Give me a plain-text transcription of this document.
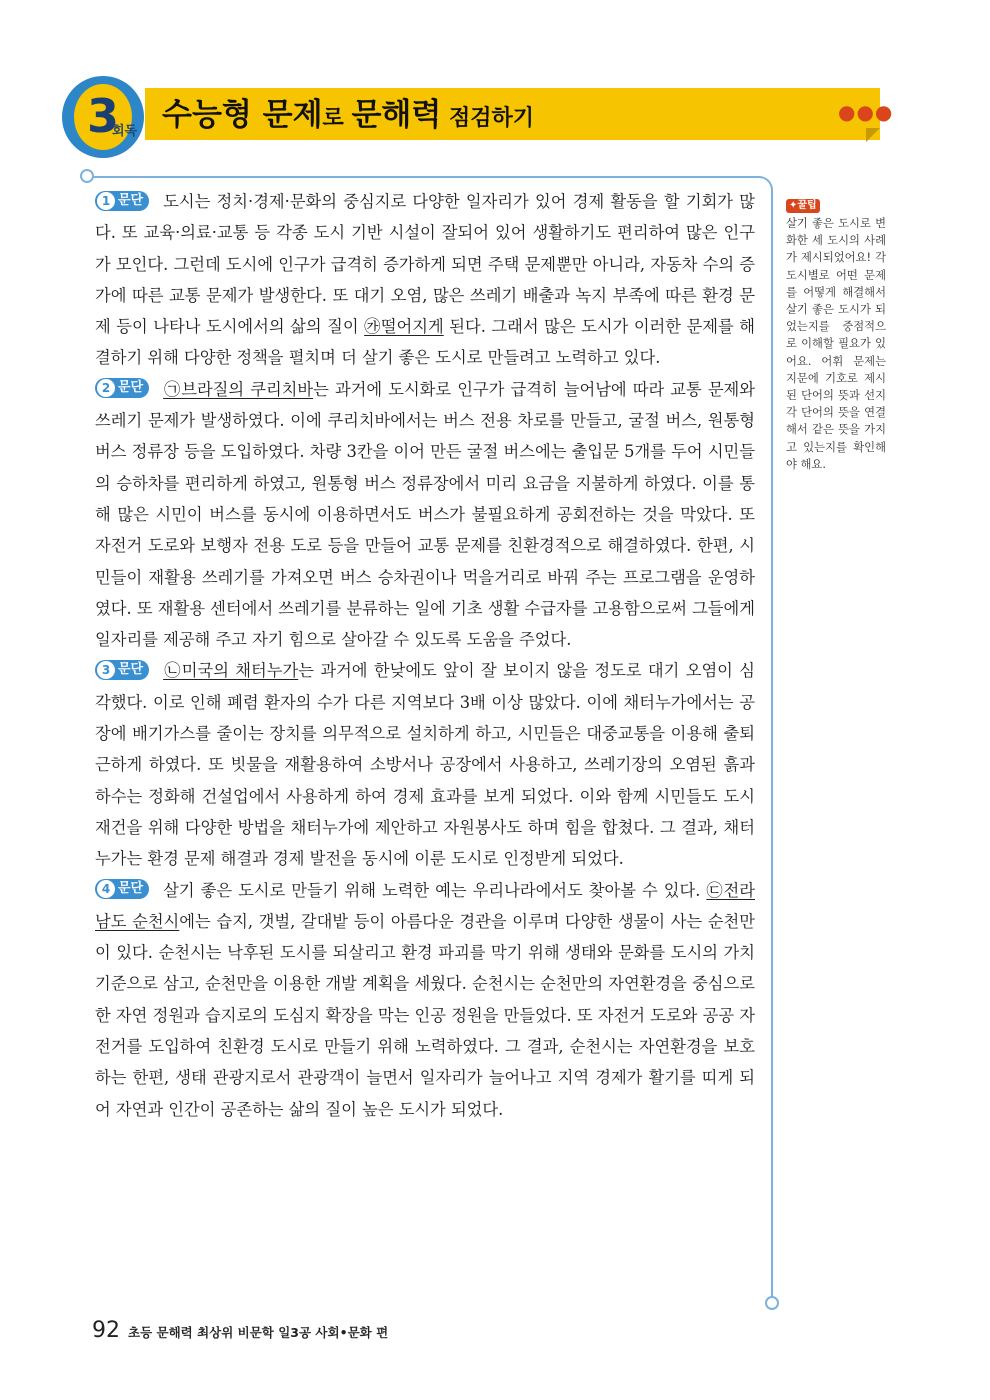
3
회독 수능형 문제로 문해력 점검하기	●●●

1 문단 도시는 정치·경제·문화의 중심지로 다양한 일자리가 있어 경제 활동을 할 기회가 많다. 또 교육·의료·교통 등 각종 도시 기반 시설이 잘되어 있어 생활하기도 편리하여 많은 인구가 모인다. 그런데 도시에 인구가 급격히 증가하게 되면 주택 문제뿐만 아니라, 자동차 수의 증가에 따른 교통 문제가 발생한다. 또 대기 오염, 많은 쓰레기 배출과 녹지 부족에 따른 환경 문제 등이 나타나 도시에서의 삶의 질이 ㉮떨어지게 된다. 그래서 많은 도시가 이러한 문제를 해결하기 위해 다양한 정책을 펼치며 더 살기 좋은 도시로 만들려고 노력하고 있다.

2 문단 ㉠브라질의 쿠리치바는 과거에 도시화로 인구가 급격히 늘어남에 따라 교통 문제와 쓰레기 문제가 발생하였다. 이에 쿠리치바에서는 버스 전용 차로를 만들고, 굴절 버스, 원통형 버스 정류장 등을 도입하였다. 차량 3칸을 이어 만든 굴절 버스에는 출입문 5개를 두어 시민들의 승하차를 편리하게 하였고, 원통형 버스 정류장에서 미리 요금을 지불하게 하였다. 이를 통해 많은 시민이 버스를 동시에 이용하면서도 버스가 불필요하게 공회전하는 것을 막았다. 또 자전거 도로와 보행자 전용 도로 등을 만들어 교통 문제를 친환경적으로 해결하였다. 한편, 시민들이 재활용 쓰레기를 가져오면 버스 승차권이나 먹을거리로 바꿔 주는 프로그램을 운영하였다. 또 재활용 센터에서 쓰레기를 분류하는 일에 기초 생활 수급자를 고용함으로써 그들에게 일자리를 제공해 주고 자기 힘으로 살아갈 수 있도록 도움을 주었다.

3 문단 ㉡미국의 채터누가는 과거에 한낮에도 앞이 잘 보이지 않을 정도로 대기 오염이 심각했다. 이로 인해 폐렴 환자의 수가 다른 지역보다 3배 이상 많았다. 이에 채터누가에서는 공장에 배기가스를 줄이는 장치를 의무적으로 설치하게 하고, 시민들은 대중교통을 이용해 출퇴근하게 하였다. 또 빗물을 재활용하여 소방서나 공장에서 사용하고, 쓰레기장의 오염된 흙과 하수는 정화해 건설업에서 사용하게 하여 경제 효과를 보게 되었다. 이와 함께 시민들도 도시 재건을 위해 다양한 방법을 채터누가에 제안하고 자원봉사도 하며 힘을 합쳤다. 그 결과, 채터누가는 환경 문제 해결과 경제 발전을 동시에 이룬 도시로 인정받게 되었다.

4 문단 살기 좋은 도시로 만들기 위해 노력한 예는 우리나라에서도 찾아볼 수 있다. ㉢전라남도 순천시에는 습지, 갯벌, 갈대밭 등이 아름다운 경관을 이루며 다양한 생물이 사는 순천만이 있다. 순천시는 낙후된 도시를 되살리고 환경 파괴를 막기 위해 생태와 문화를 도시의 가치 기준으로 삼고, 순천만을 이용한 개발 계획을 세웠다. 순천시는 순천만의 자연환경을 중심으로 한 자연 정원과 습지로의 도심지 확장을 막는 인공 정원을 만들었다. 또 자전거 도로와 공공 자전거를 도입하여 친환경 도시로 만들기 위해 노력하였다. 그 결과, 순천시는 자연환경을 보호하는 한편, 생태 관광지로서 관광객이 늘면서 일자리가 늘어나고 지역 경제가 활기를 띠게 되어 자연과 인간이 공존하는 삶의 질이 높은 도시가 되었다.

✦꿀팁
살기 좋은 도시로 변화한 세 도시의 사례가 제시되었어요! 각 도시별로 어떤 문제를 어떻게 해결해서 살기 좋은 도시가 되었는지를 중점적으로 이해할 필요가 있어요. 어휘 문제는 지문에 기호로 제시된 단어의 뜻과 선지 각 단어의 뜻을 연결해서 같은 뜻을 가지고 있는지를 확인해야 해요.
92 초등 문해력 최상위 비문학 일3공 사회•문화 편
